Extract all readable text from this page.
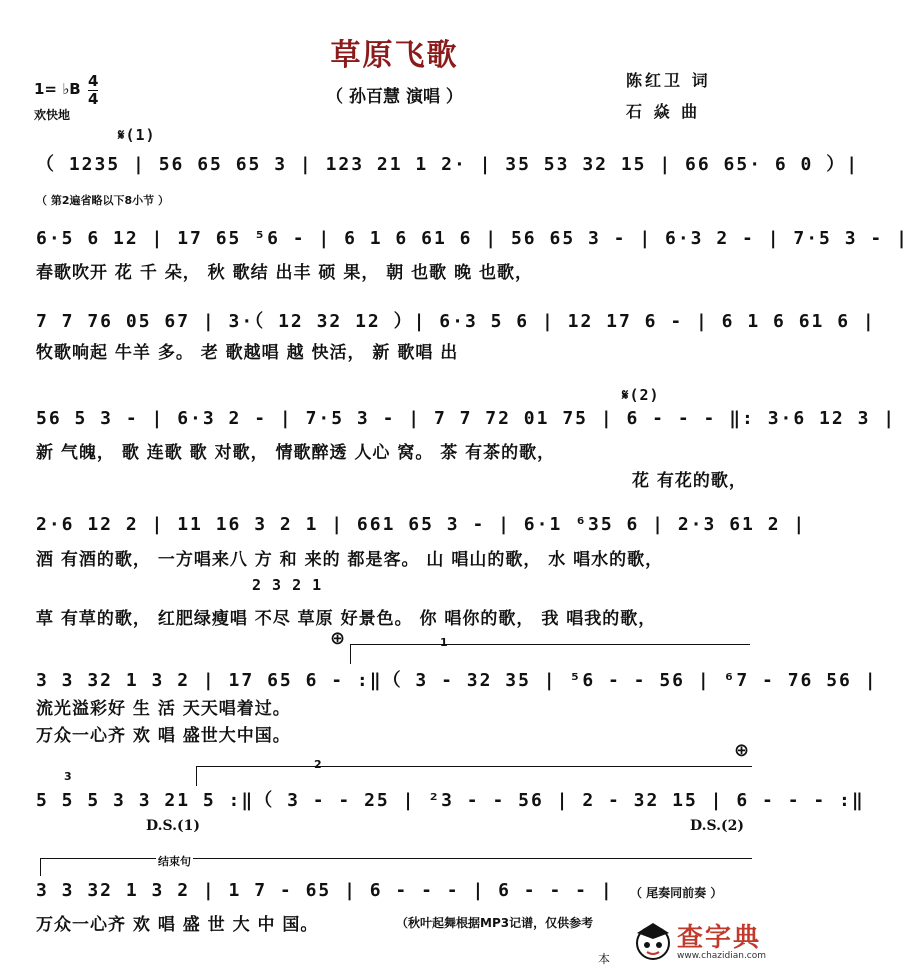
草原飞歌
（ 孙百慧 演唱 ）
陈红卫 词
石 焱 曲
1= ♭B $\frac{4}{4}$
欢快地
𝄋(1)
（ 1235 | 56 65 65 3 | 123 21 1 2· | 35 53 32 15 | 66 65· 6 0 ）|
（ 第2遍省略以下8小节 ）
6·5 6 12 | 17 65 ⁵6 - | 6 1 6 61 6 | 56 65 3 - | 6·3 2 - | 7·5 3 - |
春歌吹开 花 千 朵， 秋 歌结 出丰 硕 果， 朝 也歌 晚 也歌，
7 7 76 05 67 | 3·（ 12 32 12 ）| 6·3 5 6 | 12 17 6 - | 6 1 6 61 6 |
牧歌响起 牛羊 多。 老 歌越唱 越 快活， 新 歌唱 出
𝄋(2)
56 5 3 - | 6·3 2 - | 7·5 3 - | 7 7 72 01 75 | 6 - - - ‖: 3·6 12 3 |
新 气魄， 歌 连歌 歌 对歌， 情歌醉透 人心 窝。 茶 有茶的歌，
花 有花的歌，
2·6 12 2 | 11 16 3 2 1 | 661 65 3 - | 6·1 ⁶35 6 | 2·3 61 2 |
酒 有酒的歌， 一方唱来八 方 和 来的 都是客。 山 唱山的歌， 水 唱水的歌，
2 3 2 1
草 有草的歌， 红肥绿瘦唱 不尽 草原 好景色。 你 唱你的歌， 我 唱我的歌，
⊕	1
3 3 32 1 3 2 | 17 65 6 - :‖（ 3 - 32 35 | ⁵6 - - 56 | ⁶7 - 76 56 |
流光溢彩好 生 活 天天唱着过。
万众一心齐 欢 唱 盛世大中国。
2
⊕
3
5 5 5 3 3 21 5 :‖（ 3 - - 25 | ²3 - - 56 | 2 - 32 15 | 6 - - - :‖
D.S.(1)	D.S.(2)
结束句
3 3 32 1 3 2 | 1 7 - 65 | 6 - - - | 6 - - - | （ 尾奏同前奏 ）
万众一心齐 欢 唱 盛 世 大 中 国。	（秋叶起舞根据MP3记谱，仅供参考
本
查字典
www.chazidian.com
